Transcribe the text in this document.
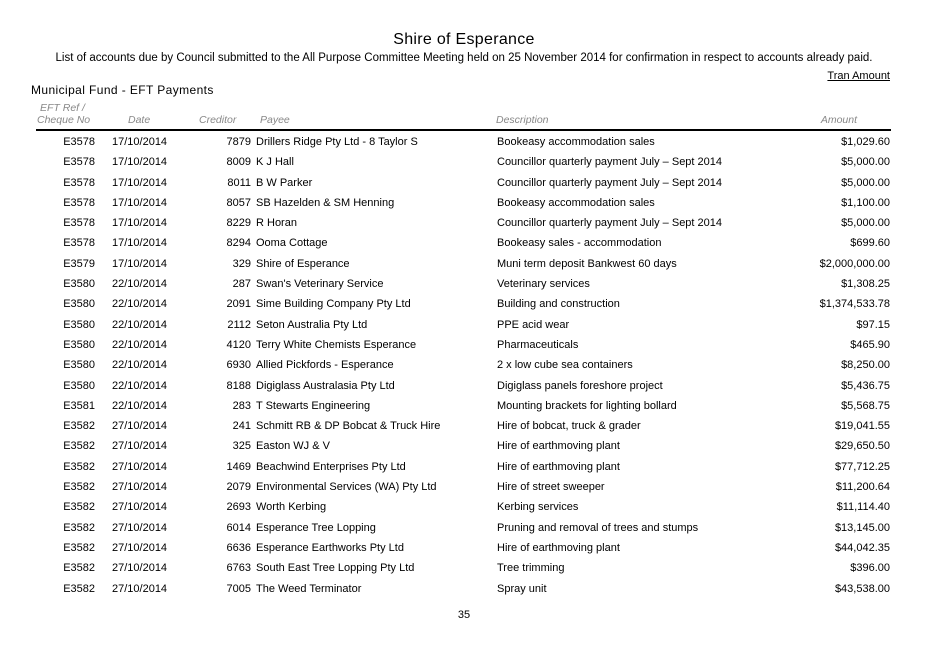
Shire of Esperance
List of accounts due by Council submitted to the All Purpose Committee Meeting held on 25 November 2014 for confirmation in respect to accounts already paid.
Tran Amount
Municipal Fund - EFT Payments
EFT Ref /
Cheque No	Date	Creditor Payee	Description	Amount
E3578 17/10/2014	7879 Drillers Ridge Pty Ltd - 8 Taylor S	Bookeasy accommodation sales	$1,029.60
E3578 17/10/2014	8009 K J Hall	Councillor quarterly payment July – Sept 2014	$5,000.00
E3578 17/10/2014	8011 B W Parker	Councillor quarterly payment July – Sept 2014	$5,000.00
E3578 17/10/2014	8057 SB Hazelden & SM Henning	Bookeasy accommodation sales	$1,100.00
E3578 17/10/2014	8229 R Horan	Councillor quarterly payment July – Sept 2014	$5,000.00
E3578 17/10/2014	8294 Ooma Cottage	Bookeasy sales - accommodation	$699.60
E3579 17/10/2014	329 Shire of Esperance	Muni term deposit Bankwest 60 days	$2,000,000.00
E3580 22/10/2014	287 Swan's Veterinary Service	Veterinary services	$1,308.25
E3580 22/10/2014	2091 Sime Building Company Pty Ltd	Building and construction	$1,374,533.78
E3580 22/10/2014	2112 Seton Australia Pty Ltd	PPE acid wear	$97.15
E3580 22/10/2014	4120 Terry White Chemists Esperance	Pharmaceuticals	$465.90
E3580 22/10/2014	6930 Allied Pickfords - Esperance	2 x low cube sea containers	$8,250.00
E3580 22/10/2014	8188 Digiglass Australasia Pty Ltd	Digiglass panels foreshore project	$5,436.75
E3581 22/10/2014	283 T Stewarts Engineering	Mounting brackets for lighting bollard	$5,568.75
E3582 27/10/2014	241 Schmitt RB & DP Bobcat & Truck Hire	Hire of bobcat, truck & grader	$19,041.55
E3582 27/10/2014	325 Easton WJ & V	Hire of earthmoving plant	$29,650.50
E3582 27/10/2014	1469 Beachwind Enterprises Pty Ltd	Hire of earthmoving plant	$77,712.25
E3582 27/10/2014	2079 Environmental Services (WA) Pty Ltd	Hire of street sweeper	$11,200.64
E3582 27/10/2014	2693 Worth Kerbing	Kerbing services	$11,114.40
E3582 27/10/2014	6014 Esperance Tree Lopping	Pruning and removal of trees and stumps	$13,145.00
E3582 27/10/2014	6636 Esperance Earthworks Pty Ltd	Hire of earthmoving plant	$44,042.35
E3582 27/10/2014	6763 South East Tree Lopping Pty Ltd	Tree trimming	$396.00
E3582 27/10/2014	7005 The Weed Terminator	Spray unit	$43,538.00
35
